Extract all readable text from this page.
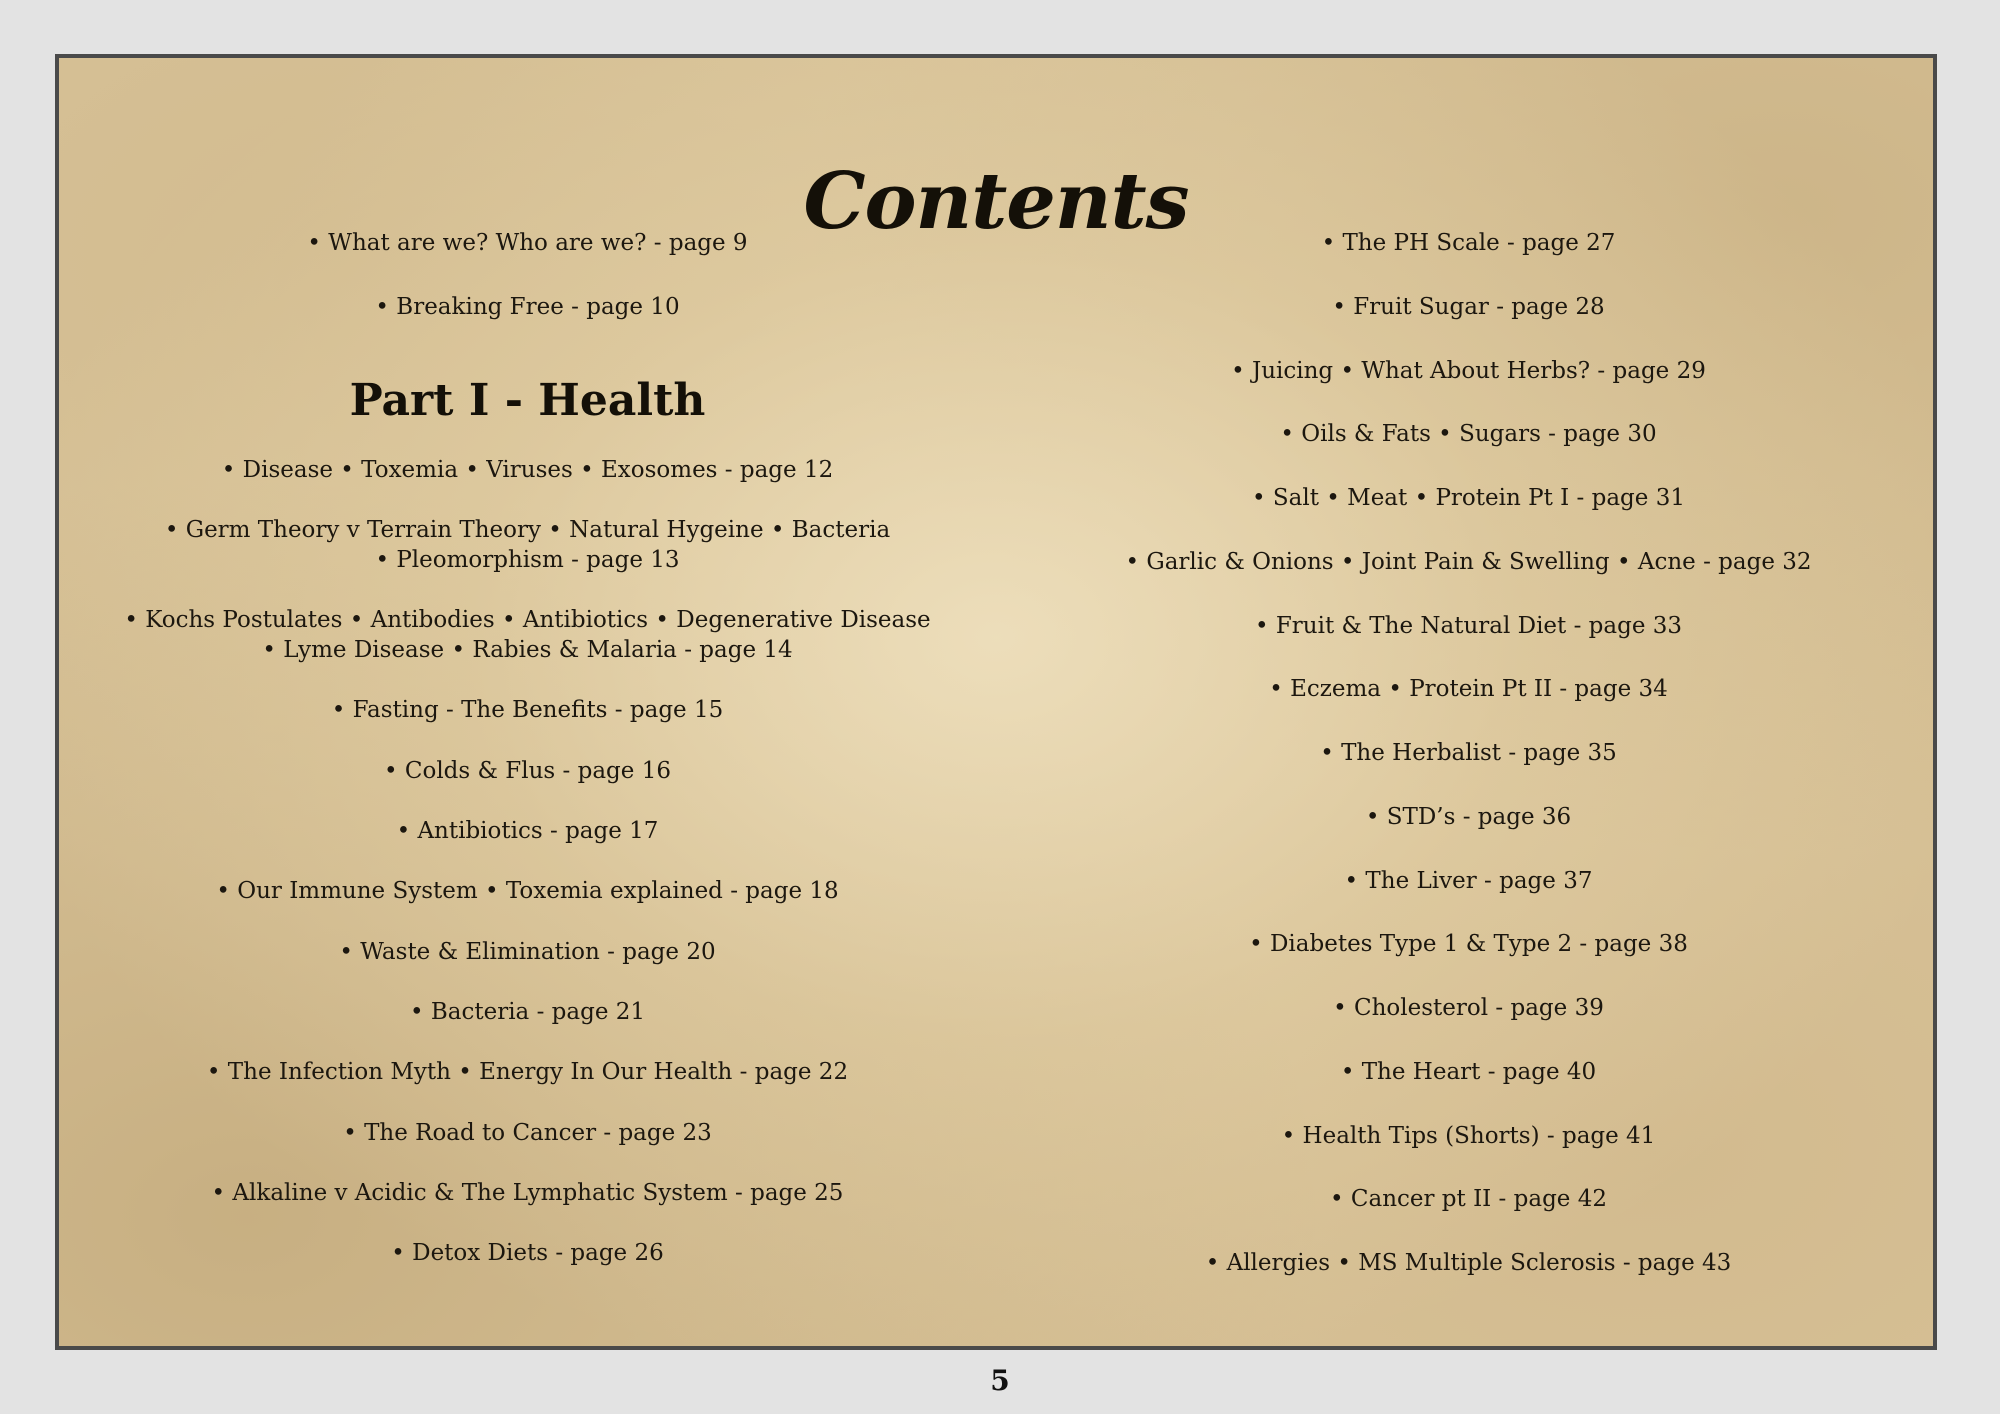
Contents
• What are we? Who are we? - page 9
• Breaking Free - page 10
Part I - Health
• Disease • Toxemia • Viruses • Exosomes - page 12
• Germ Theory v Terrain Theory • Natural Hygeine • Bacteria
• Pleomorphism - page 13
• Kochs Postulates • Antibodies • Antibiotics • Degenerative Disease
• Lyme Disease • Rabies & Malaria - page 14
• Fasting - The Benefits - page 15
• Colds & Flus - page 16
• Antibiotics - page 17
• Our Immune System • Toxemia explained - page 18
• Waste & Elimination - page 20
• Bacteria - page 21
• The Infection Myth • Energy In Our Health - page 22
• The Road to Cancer - page 23
• Alkaline v Acidic & The Lymphatic System - page 25
• Detox Diets - page 26
• The PH Scale - page 27
• Fruit Sugar - page 28
• Juicing • What About Herbs? - page 29
• Oils & Fats • Sugars - page 30
• Salt • Meat • Protein Pt I - page 31
• Garlic & Onions • Joint Pain & Swelling • Acne - page 32
• Fruit & The Natural Diet - page 33
• Eczema • Protein Pt II - page 34
• The Herbalist - page 35
• STD’s - page 36
• The Liver - page 37
• Diabetes Type 1 & Type 2 - page 38
• Cholesterol - page 39
• The Heart - page 40
• Health Tips (Shorts) - page 41
• Cancer pt II - page 42
• Allergies • MS Multiple Sclerosis - page 43
5
